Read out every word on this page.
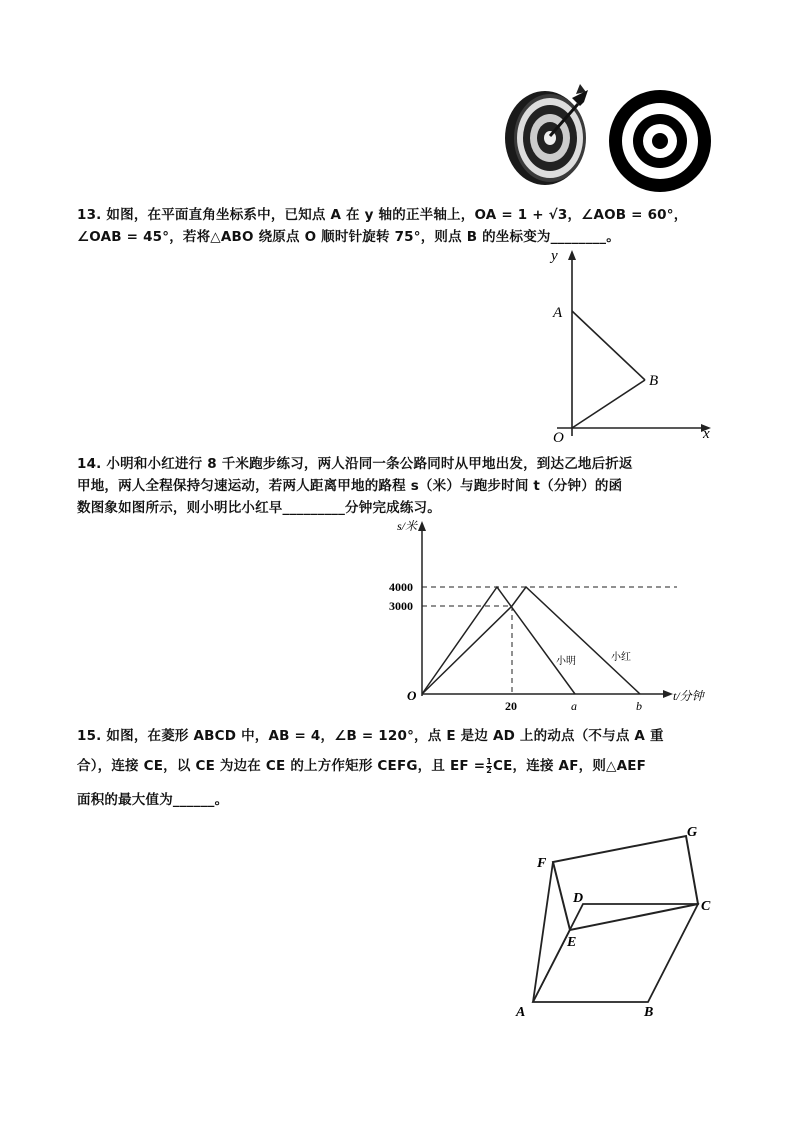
13. 如图，在平面直角坐标系中，已知点 A 在 y 轴的正半轴上，OA = 1 + √3，∠AOB = 60°，
∠OAB = 45°，若将△ABO 绕原点 O 顺时针旋转 75°，则点 B 的坐标变为________。
y
x
A
B
O
14. 小明和小红进行 8 千米跑步练习，两人沿同一条公路同时从甲地出发，到达乙地后折返
甲地，两人全程保持匀速运动，若两人距离甲地的路程 s（米）与跑步时间 t（分钟）的函
数图象如图所示，则小明比小红早_________分钟完成练习。
s/米
t/分钟
4000
3000
O
20	a	b
小明	小红
15. 如图，在菱形 ABCD 中，AB = 4，∠B = 120°，点 E 是边 AD 上的动点（不与点 A 重
合），连接 CE，以 CE 为边在 CE 的上方作矩形 CEFG，且 EF = $\frac{1}{2}$ CE，连接 AF，则△AEF
面积的最大值为______。
A	B
C
D
E
F
G
